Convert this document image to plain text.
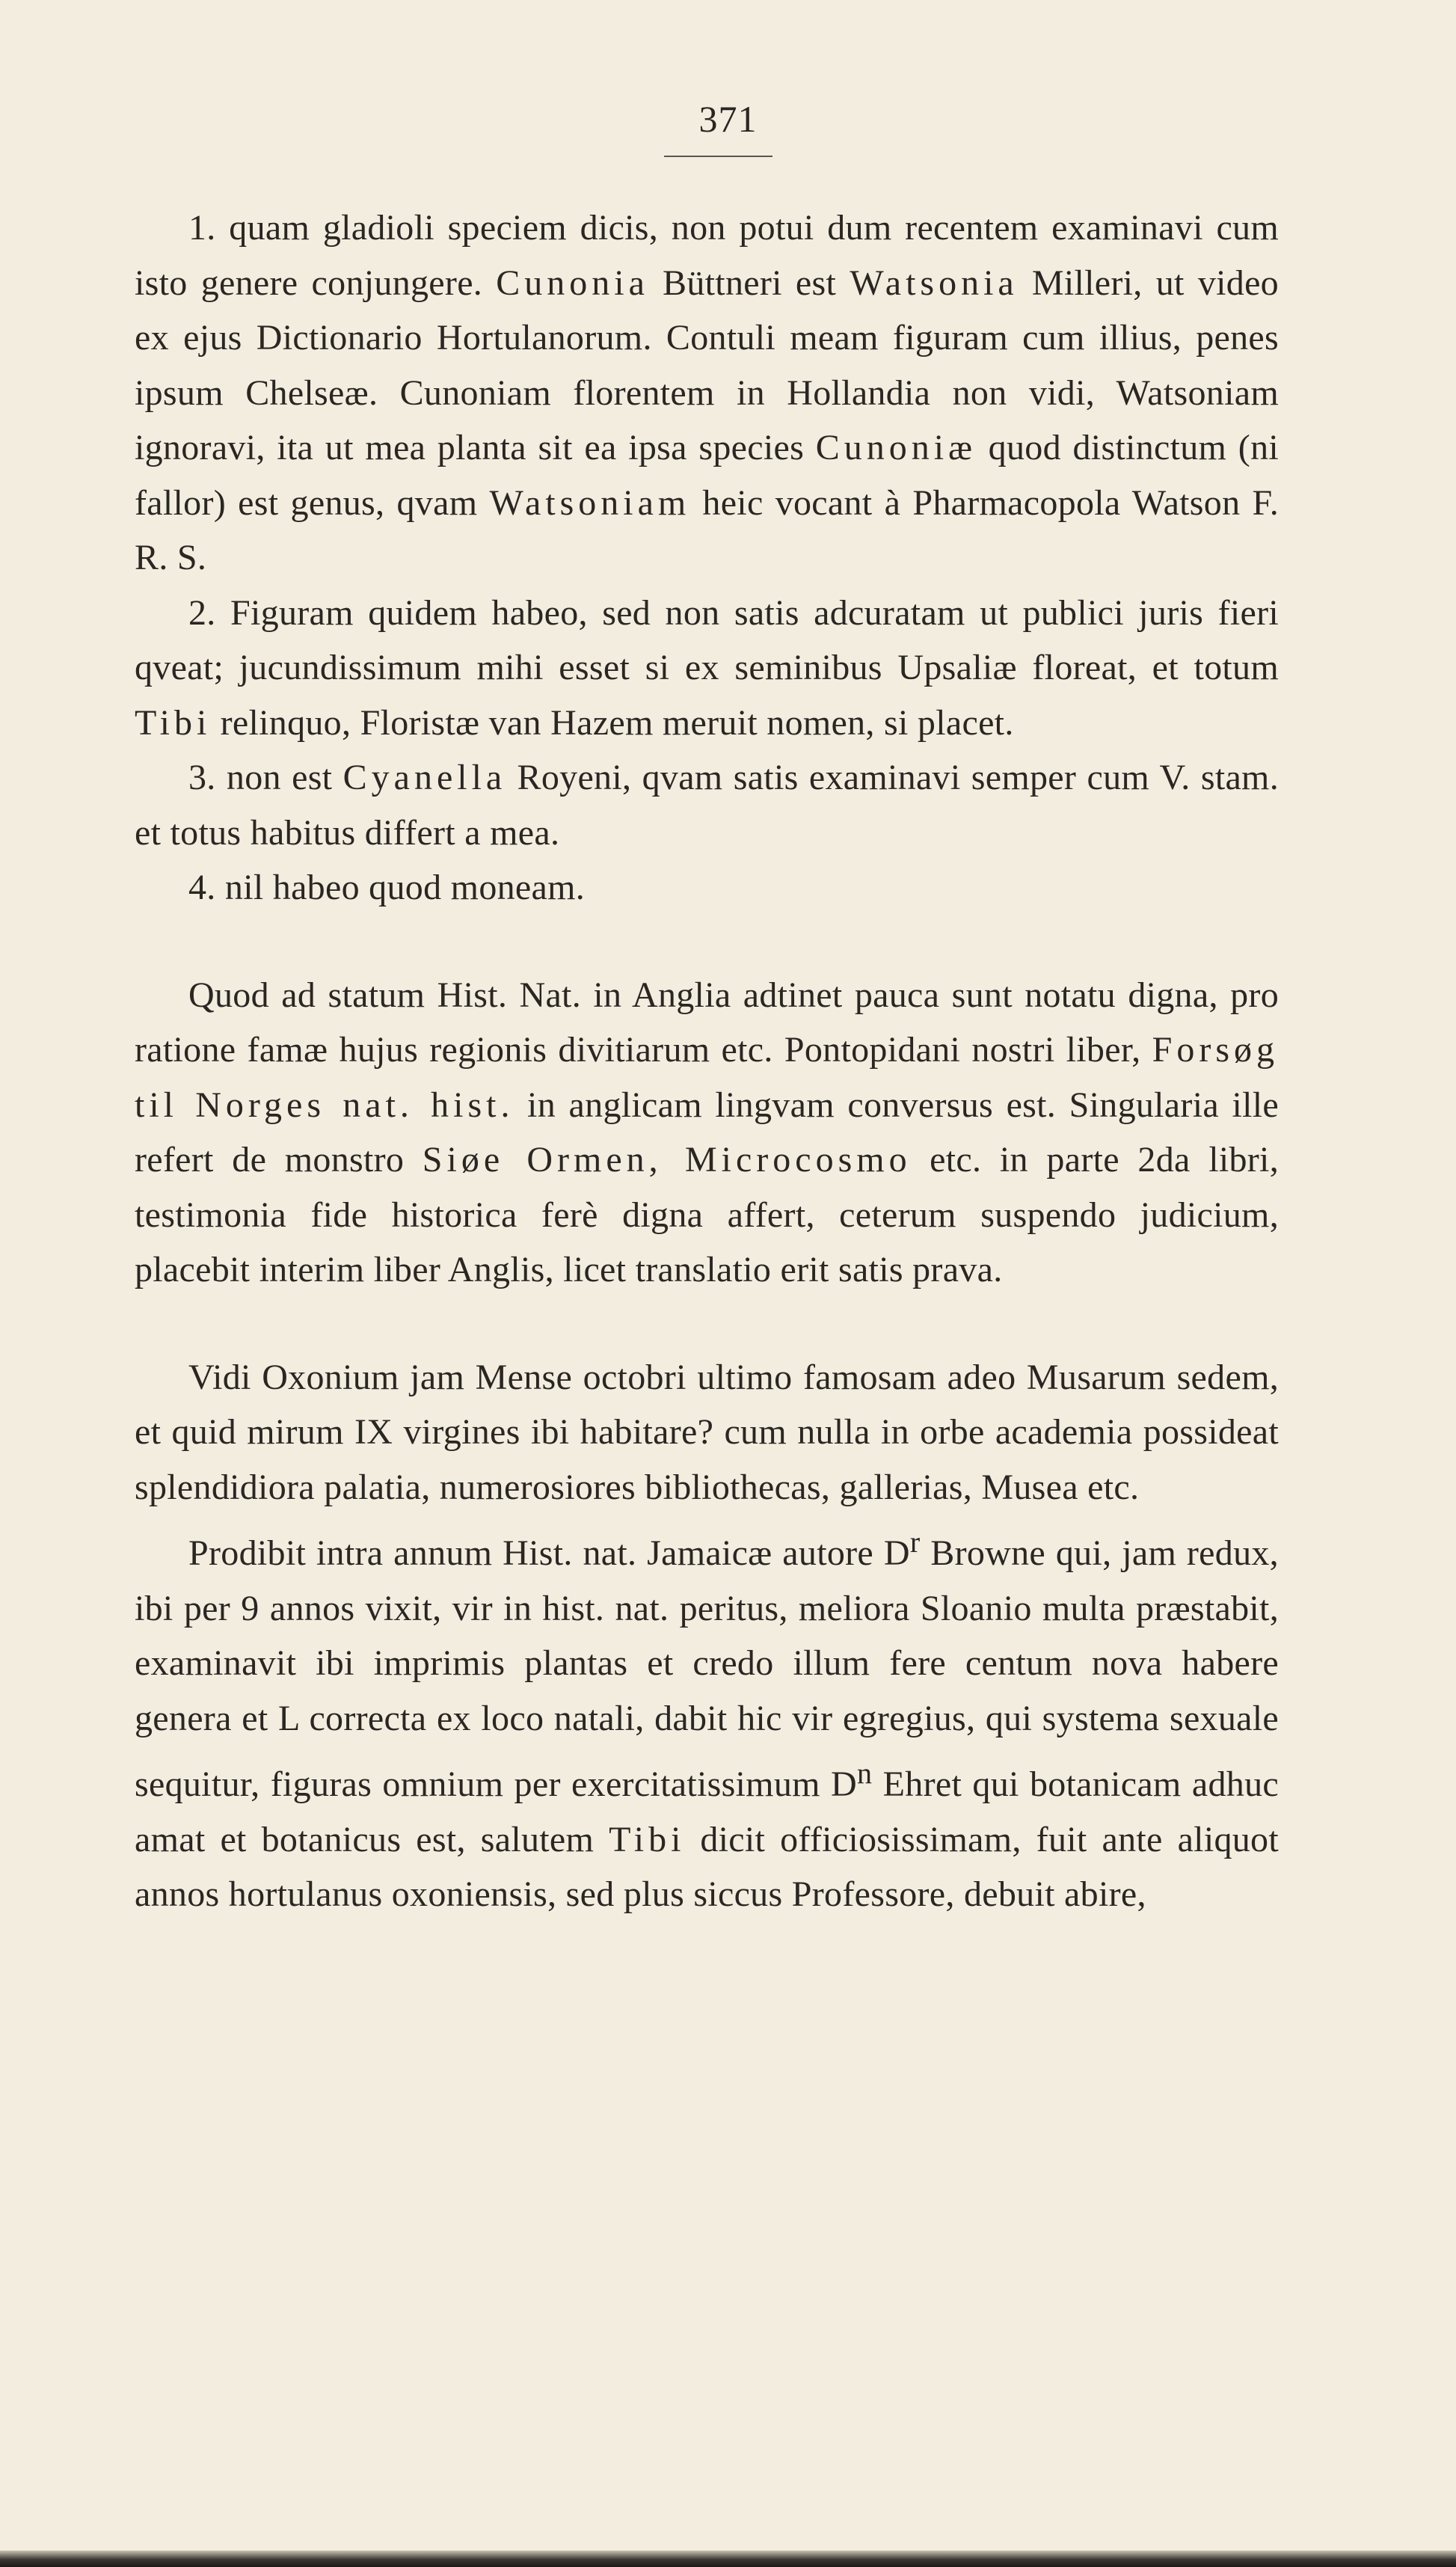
371

1. quam gladioli speciem dicis, non potui dum recentem examinavi cum isto genere conjungere. Cunonia Büttneri est Watsonia Milleri, ut video ex ejus Dictionario Hortulanorum. Contuli meam figuram cum illius, penes ipsum Chelseæ. Cunoniam florentem in Hollandia non vidi, Watsoniam ignoravi, ita ut mea planta sit ea ipsa species Cunoniæ quod distinctum (ni fallor) est genus, qvam Watsoniam heic vocant à Pharmacopola Watson F. R. S.

2. Figuram quidem habeo, sed non satis adcuratam ut publici juris fieri qveat; jucundissimum mihi esset si ex seminibus Upsaliæ floreat, et totum Tibi relinquo, Floristæ van Hazem meruit nomen, si placet.

3. non est Cyanella Royeni, qvam satis examinavi semper cum V. stam. et totus habitus differt a mea.

4. nil habeo quod moneam.

Quod ad statum Hist. Nat. in Anglia adtinet pauca sunt notatu digna, pro ratione famæ hujus regionis divitiarum etc. Pontopidani nostri liber, Forsøg til Norges nat. hist. in anglicam lingvam conversus est. Singularia ille refert de monstro Siøe Ormen, Microcosmo etc. in parte 2da libri, testimonia fide historica ferè digna affert, ceterum suspendo judicium, placebit interim liber Anglis, licet translatio erit satis prava.

Vidi Oxonium jam Mense octobri ultimo famosam adeo Musarum sedem, et quid mirum IX virgines ibi habitare? cum nulla in orbe academia possideat splendidiora palatia, numerosiores bibliothecas, gallerias, Musea etc.

Prodibit intra annum Hist. nat. Jamaicæ autore $D^r$ Browne qui, jam redux, ibi per 9 annos vixit, vir in hist. nat. peritus, meliora Sloanio multa præstabit, examinavit ibi imprimis plantas et credo illum fere centum nova habere genera et L correcta ex loco natali, dabit hic vir egregius, qui systema sexuale sequitur, figuras omnium per exercitatissimum $D^n$ Ehret qui botanicam adhuc amat et botanicus est, salutem Tibi dicit officiosissimam, fuit ante aliquot annos hortulanus oxoniensis, sed plus siccus Professore, debuit abire,
